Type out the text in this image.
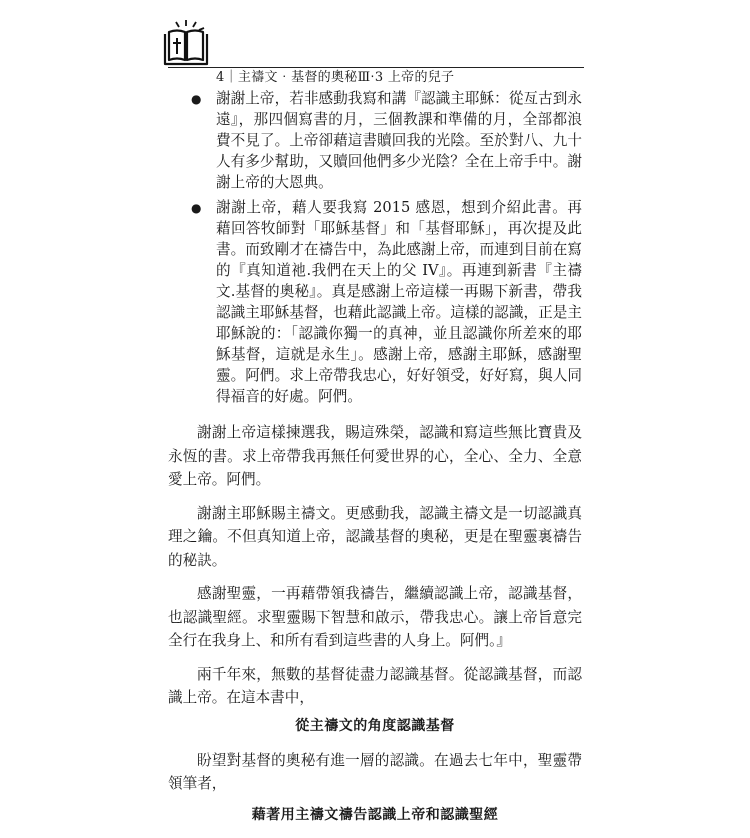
4｜主禱文‧基督的奧秘Ⅲ‧3 上帝的兒子
● 謝謝上帝，若非感動我寫和講『認識主耶穌：從亙古到永遠』，那四個寫書的月，三個教課和準備的月，全部都浪費不見了。上帝卻藉這書贖回我的光陰。至於對八、九十人有多少幫助，又贖回他們多少光陰？全在上帝手中。謝謝上帝的大恩典。
● 謝謝上帝，藉人要我寫 2015 感恩，想到介紹此書。再藉回答牧師對「耶穌基督」和「基督耶穌」，再次提及此書。而致剛才在禱告中，為此感謝上帝，而連到目前在寫的『真知道祂.我們在天上的父 IV』。再連到新書『主禱文.基督的奧秘』。真是感謝上帝這樣一再賜下新書，帶我認識主耶穌基督，也藉此認識上帝。這樣的認識，正是主耶穌說的：「認識你獨一的真神，並且認識你所差來的耶穌基督，這就是永生」。感謝上帝，感謝主耶穌，感謝聖靈。阿們。求上帝帶我忠心，好好領受，好好寫，與人同得福音的好處。阿們。

謝謝上帝這樣揀選我，賜這殊榮，認識和寫這些無比寶貴及永恆的書。求上帝帶我再無任何愛世界的心，全心、全力、全意愛上帝。阿們。

謝謝主耶穌賜主禱文。更感動我，認識主禱文是一切認識真理之鑰。不但真知道上帝，認識基督的奧秘，更是在聖靈裏禱告的秘訣。

感謝聖靈，一再藉帶領我禱告，繼續認識上帝，認識基督，也認識聖經。求聖靈賜下智慧和啟示，帶我忠心。讓上帝旨意完全行在我身上、和所有看到這些書的人身上。阿們。』

兩千年來，無數的基督徒盡力認識基督。從認識基督，而認識上帝。在這本書中，

從主禱文的角度認識基督

盼望對基督的奧秘有進一層的認識。在過去七年中，聖靈帶領筆者，

藉著用主禱文禱告認識上帝和認識聖經
